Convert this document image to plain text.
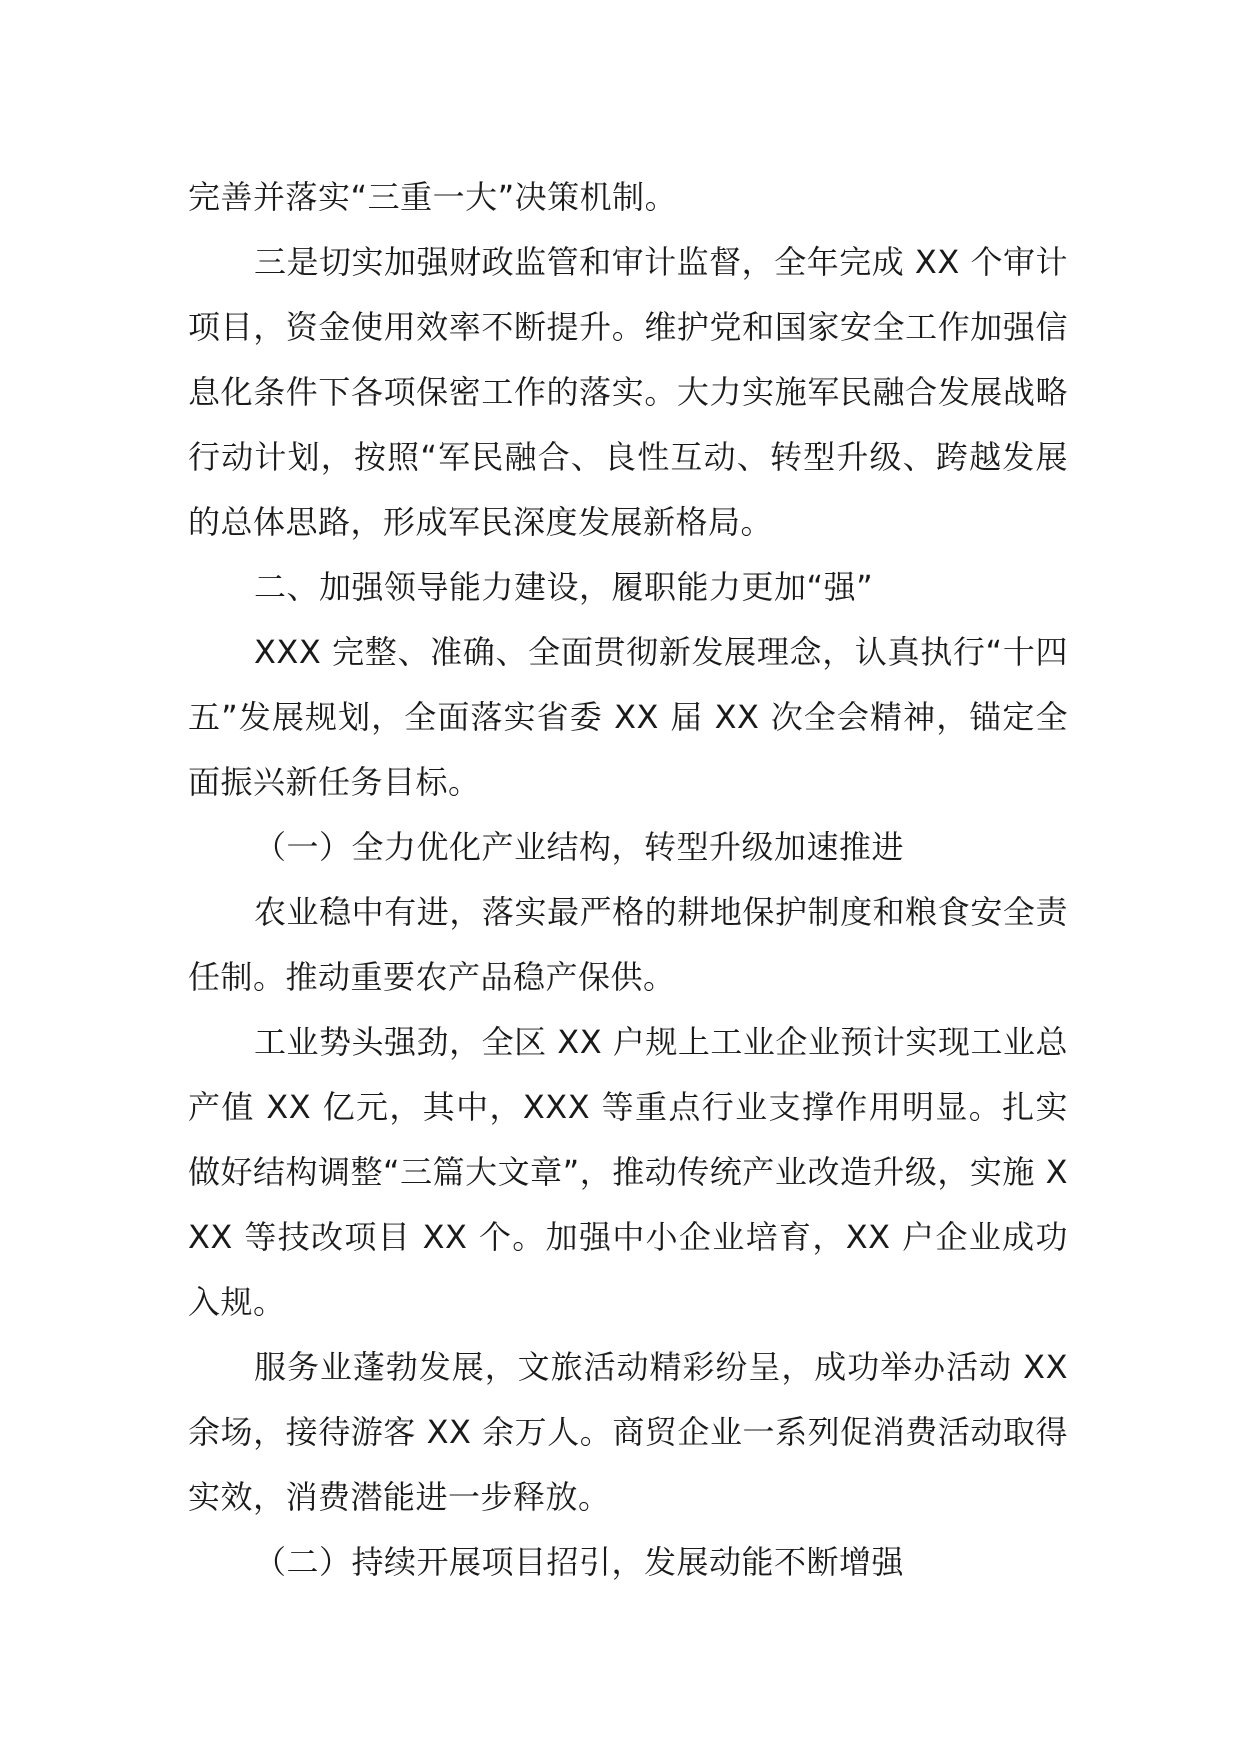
完善并落实“三重一大”决策机制。

三是切实加强财政监管和审计监督，全年完成 XX 个审计项目，资金使用效率不断提升。维护党和国家安全工作加强信息化条件下各项保密工作的落实。大力实施军民融合发展战略行动计划，按照“军民融合、良性互动、转型升级、跨越发展的总体思路，形成军民深度发展新格局。

二、加强领导能力建设，履职能力更加“强”

XXX 完整、准确、全面贯彻新发展理念，认真执行“十四五”发展规划，全面落实省委 XX 届 XX 次全会精神，锚定全面振兴新任务目标。

（一）全力优化产业结构，转型升级加速推进

农业稳中有进，落实最严格的耕地保护制度和粮食安全责任制。推动重要农产品稳产保供。

工业势头强劲，全区 XX 户规上工业企业预计实现工业总产值 XX 亿元，其中，XXX 等重点行业支撑作用明显。扎实做好结构调整“三篇大文章”，推动传统产业改造升级，实施 XXX 等技改项目 XX 个。加强中小企业培育，XX 户企业成功入规。

服务业蓬勃发展，文旅活动精彩纷呈，成功举办活动 XX 余场，接待游客 XX 余万人。商贸企业一系列促消费活动取得实效，消费潜能进一步释放。

（二）持续开展项目招引，发展动能不断增强
